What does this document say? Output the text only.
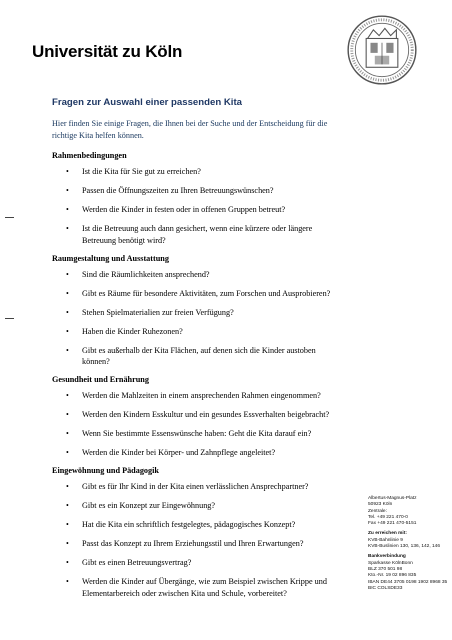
Universität zu Köln

Fragen zur Auswahl einer passenden Kita

Hier finden Sie einige Fragen, die Ihnen bei der Suche und der Entscheidung für die richtige Kita helfen können.

Rahmenbedingungen

• Ist die Kita für Sie gut zu erreichen?
• Passen die Öffnungszeiten zu Ihren Betreuungswünschen?
• Werden die Kinder in festen oder in offenen Gruppen betreut?
• Ist die Betreuung auch dann gesichert, wenn eine kürzere oder längere Betreuung benötigt wird?

Raumgestaltung und Ausstattung

• Sind die Räumlichkeiten ansprechend?
• Gibt es Räume für besondere Aktivitäten, zum Forschen und Ausprobieren?
• Stehen Spielmaterialien zur freien Verfügung?
• Haben die Kinder Ruhezonen?
• Gibt es außerhalb der Kita Flächen, auf denen sich die Kinder austoben können?

Gesundheit und Ernährung

• Werden die Mahlzeiten in einem ansprechenden Rahmen eingenommen?
• Werden den Kindern Esskultur und ein gesundes Essverhalten beigebracht?
• Wenn Sie bestimmte Essenswünsche haben: Geht die Kita darauf ein?
• Werden die Kinder bei Körper- und Zahnpflege angeleitet?

Eingewöhnung und Pädagogik

• Gibt es für Ihr Kind in der Kita einen verlässlichen Ansprechpartner?
• Gibt es ein Konzept zur Eingewöhnung?
• Hat die Kita ein schriftlich festgelegtes, pädagogisches Konzept?
• Passt das Konzept zu Ihrem Erziehungsstil und Ihren Erwartungen?
• Gibt es einen Betreuungsvertrag?
• Werden die Kinder auf Übergänge, wie zum Beispiel zwischen Krippe und Elementarbereich oder zwischen Kita und Schule, vorbereitet?
Albertus-Magnus-Platz
50923 Köln
Zentrale:
Tel. +49 221 470-0
Fax +49 221 470-5151
Zu erreichen mit:
KVB-Bahnlinie 9
KVB-Buslinien 130, 136, 142, 146
Bankverbindung
Sparkasse KölnBonn
BLZ 370 501 98
Kto.-Nr. 19 02 896 835
IBAN DE44 3705 0198 1902 8968 35
BIC COLSDE33
